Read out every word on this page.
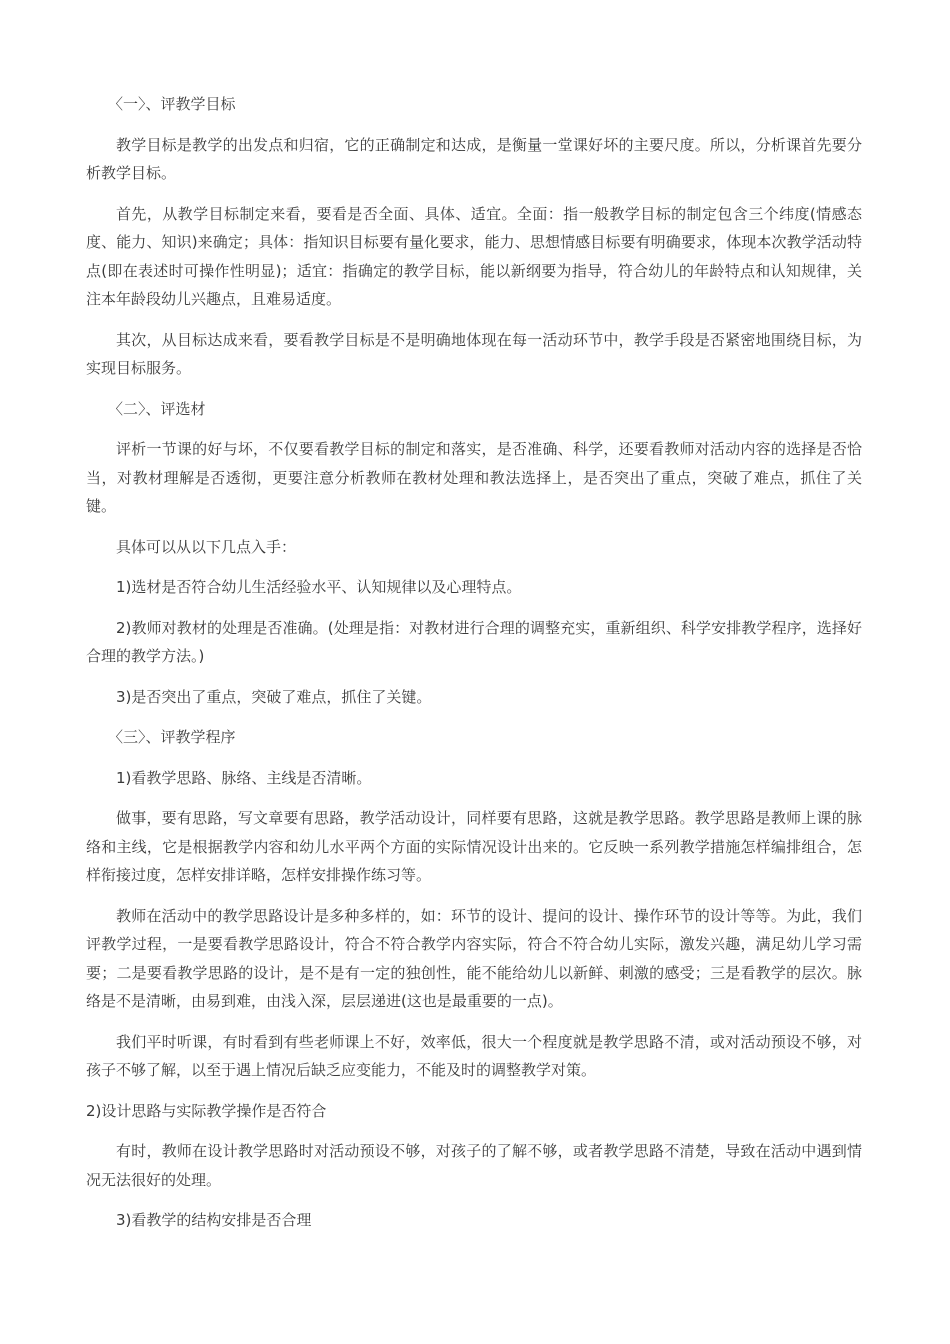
〈一〉、评教学目标

教学目标是教学的出发点和归宿，它的正确制定和达成，是衡量一堂课好坏的主要尺度。所以，分析课首先要分析教学目标。

首先，从教学目标制定来看，要看是否全面、具体、适宜。全面：指一般教学目标的制定包含三个纬度(情感态度、能力、知识)来确定；具体：指知识目标要有量化要求，能力、思想情感目标要有明确要求，体现本次教学活动特点(即在表述时可操作性明显)；适宜：指确定的教学目标，能以新纲要为指导，符合幼儿的年龄特点和认知规律，关注本年龄段幼儿兴趣点，且难易适度。

其次，从目标达成来看，要看教学目标是不是明确地体现在每一活动环节中，教学手段是否紧密地围绕目标，为实现目标服务。

〈二〉、评选材

评析一节课的好与坏，不仅要看教学目标的制定和落实，是否准确、科学，还要看教师对活动内容的选择是否恰当，对教材理解是否透彻，更要注意分析教师在教材处理和教法选择上，是否突出了重点，突破了难点，抓住了关键。

具体可以从以下几点入手：

1)选材是否符合幼儿生活经验水平、认知规律以及心理特点。

2)教师对教材的处理是否准确。(处理是指：对教材进行合理的调整充实，重新组织、科学安排教学程序，选择好合理的教学方法。)

3)是否突出了重点，突破了难点，抓住了关键。

〈三〉、评教学程序

1)看教学思路、脉络、主线是否清晰。

做事，要有思路，写文章要有思路，教学活动设计，同样要有思路，这就是教学思路。教学思路是教师上课的脉络和主线，它是根据教学内容和幼儿水平两个方面的实际情况设计出来的。它反映一系列教学措施怎样编排组合，怎样衔接过度，怎样安排详略，怎样安排操作练习等。

教师在活动中的教学思路设计是多种多样的，如：环节的设计、提问的设计、操作环节的设计等等。为此，我们评教学过程，一是要看教学思路设计，符合不符合教学内容实际，符合不符合幼儿实际，激发兴趣，满足幼儿学习需要；二是要看教学思路的设计，是不是有一定的独创性，能不能给幼儿以新鲜、刺激的感受；三是看教学的层次。脉络是不是清晰，由易到难，由浅入深，层层递进(这也是最重要的一点)。

我们平时听课，有时看到有些老师课上不好，效率低，很大一个程度就是教学思路不清，或对活动预设不够，对孩子不够了解，以至于遇上情况后缺乏应变能力，不能及时的调整教学对策。

2)设计思路与实际教学操作是否符合

有时，教师在设计教学思路时对活动预设不够，对孩子的了解不够，或者教学思路不清楚，导致在活动中遇到情况无法很好的处理。

3)看教学的结构安排是否合理
